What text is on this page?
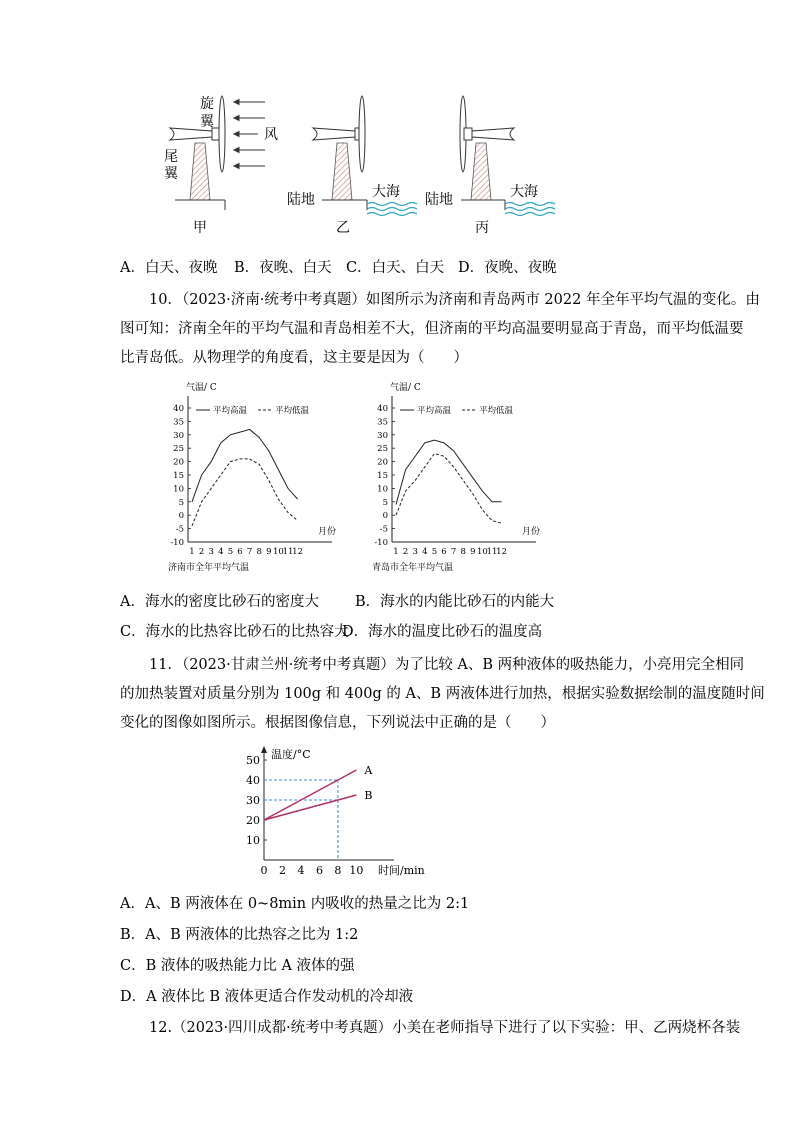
旋
翼
尾
翼
风
甲
陆地	大海
乙
陆地	大海
丙
A．白天、夜晚 B．夜晚、白天 C．白天、白天 D．夜晚、夜晚
10．（2023·济南·统考中考真题）如图所示为济南和青岛两市 2022 年全年平均气温的变化。由
图可知：济南全年的平均气温和青岛相差不大，但济南的平均高温要明显高于青岛，而平均低温要
比青岛低。从物理学的角度看，这主要是因为（　　）
气温/ C
月份
40
35
30
25
20
15
10
5
0
-5
-10
1 2 3 4 5 6 7 8 9 10
11
12
平均高温	平均低温
济南市全年平均气温
气温/ C
月份
40
35
30
25
20
15
10
5
0
-5
-10
1 2 3 4 5 6 7 8 9 10
11
12
平均高温	平均低温
青岛市全年平均气温
A．海水的密度比砂石的密度大 B．海水的内能比砂石的内能大
C．海水的比热容比砂石的比热容大
D．海水的温度比砂石的温度高
11．（2023·甘肃兰州·统考中考真题）为了比较 A、B 两种液体的吸热能力，小亮用完全相同
的加热装置对质量分别为 100g 和 400g 的 A、B 两液体进行加热，根据实验数据绘制的温度随时间
变化的图像如图所示。根据图像信息，下列说法中正确的是（　　）
温度/°C
时间/min
10
20
30
40
50
0 2 4 6 8 10
A
B
A．A、B 两液体在 0~8min 内吸收的热量之比为 2:1
B．A、B 两液体的比热容之比为 1:2
C．B 液体的吸热能力比 A 液体的强
D．A 液体比 B 液体更适合作发动机的冷却液
12.（2023·四川成都·统考中考真题）小美在老师指导下进行了以下实验：甲、乙两烧杯各装
